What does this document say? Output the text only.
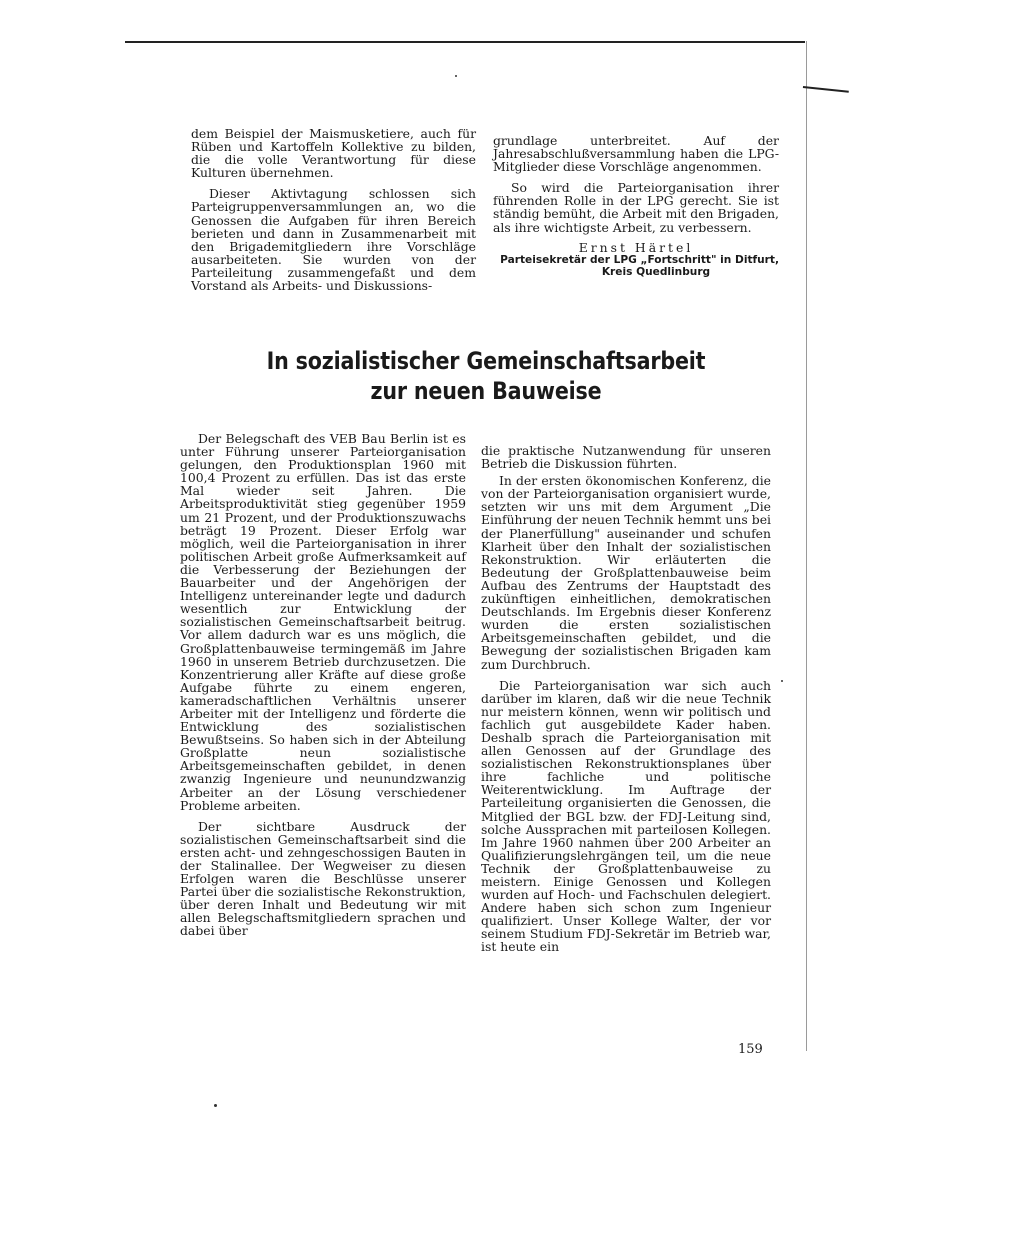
dem Beispiel der Maismusketiere, auch für Rüben und Kartoffeln Kollektive zu bilden, die die volle Verantwortung für diese Kulturen übernehmen.

Dieser Aktivtagung schlossen sich Parteigruppenversammlungen an, wo die Genossen die Aufgaben für ihren Bereich berieten und dann in Zusammenarbeit mit den Brigademitgliedern ihre Vorschläge ausarbeiteten. Sie wurden von der Parteileitung zusammengefaßt und dem Vorstand als Arbeits- und Diskussions-

grundlage unterbreitet. Auf der Jahresabschlußversammlung haben die LPG-Mitglieder diese Vorschläge angenommen.

So wird die Parteiorganisation ihrer führenden Rolle in der LPG gerecht. Sie ist ständig bemüht, die Arbeit mit den Brigaden, als ihre wichtigste Arbeit, zu verbessern.

Ernst Härtel
Parteisekretär der LPG „Fortschritt" in Ditfurt,
Kreis Quedlinburg
In sozialistischer Gemeinschaftsarbeit
zur neuen Bauweise

Der Belegschaft des VEB Bau Berlin ist es unter Führung unserer Parteiorganisation gelungen, den Produktionsplan 1960 mit 100,4 Prozent zu erfüllen. Das ist das erste Mal wieder seit Jahren. Die Arbeitsproduktivität stieg gegenüber 1959 um 21 Prozent, und der Produktionszuwachs beträgt 19 Prozent. Dieser Erfolg war möglich, weil die Parteiorganisation in ihrer politischen Arbeit große Aufmerksamkeit auf die Verbesserung der Beziehungen der Bauarbeiter und der Angehörigen der Intelligenz untereinander legte und dadurch wesentlich zur Entwicklung der sozialistischen Gemeinschaftsarbeit beitrug. Vor allem dadurch war es uns möglich, die Großplattenbauweise termingemäß im Jahre 1960 in unserem Betrieb durchzusetzen. Die Konzentrierung aller Kräfte auf diese große Aufgabe führte zu einem engeren, kameradschaftlichen Verhältnis unserer Arbeiter mit der Intelligenz und förderte die Entwicklung des sozialistischen Bewußtseins. So haben sich in der Abteilung Großplatte neun sozialistische Arbeitsgemeinschaften gebildet, in denen zwanzig Ingenieure und neunundzwanzig Arbeiter an der Lösung verschiedener Probleme arbeiten.

Der sichtbare Ausdruck der sozialistischen Gemeinschaftsarbeit sind die ersten acht- und zehngeschossigen Bauten in der Stalinallee. Der Wegweiser zu diesen Erfolgen waren die Beschlüsse unserer Partei über die sozialistische Rekonstruktion, über deren Inhalt und Bedeutung wir mit allen Belegschaftsmitgliedern sprachen und dabei über

die praktische Nutzanwendung für unseren Betrieb die Diskussion führten.

In der ersten ökonomischen Konferenz, die von der Parteiorganisation organisiert wurde, setzten wir uns mit dem Argument „Die Einführung der neuen Technik hemmt uns bei der Planerfüllung" auseinander und schufen Klarheit über den Inhalt der sozialistischen Rekonstruktion. Wir erläuterten die Bedeutung der Großplattenbauweise beim Aufbau des Zentrums der Hauptstadt des zukünftigen einheitlichen, demokratischen Deutschlands. Im Ergebnis dieser Konferenz wurden die ersten sozialistischen Arbeitsgemeinschaften gebildet, und die Bewegung der sozialistischen Brigaden kam zum Durchbruch.

Die Parteiorganisation war sich auch darüber im klaren, daß wir die neue Technik nur meistern können, wenn wir politisch und fachlich gut ausgebildete Kader haben. Deshalb sprach die Parteiorganisation mit allen Genossen auf der Grundlage des sozialistischen Rekonstruktionsplanes über ihre fachliche und politische Weiterentwicklung. Im Auftrage der Parteileitung organisierten die Genossen, die Mitglied der BGL bzw. der FDJ-Leitung sind, solche Aussprachen mit parteilosen Kollegen. Im Jahre 1960 nahmen über 200 Arbeiter an Qualifizierungslehrgängen teil, um die neue Technik der Großplattenbauweise zu meistern. Einige Genossen und Kollegen wurden auf Hoch- und Fachschulen delegiert. Andere haben sich schon zum Ingenieur qualifiziert. Unser Kollege Walter, der vor seinem Studium FDJ-Sekretär im Betrieb war, ist heute ein

159
